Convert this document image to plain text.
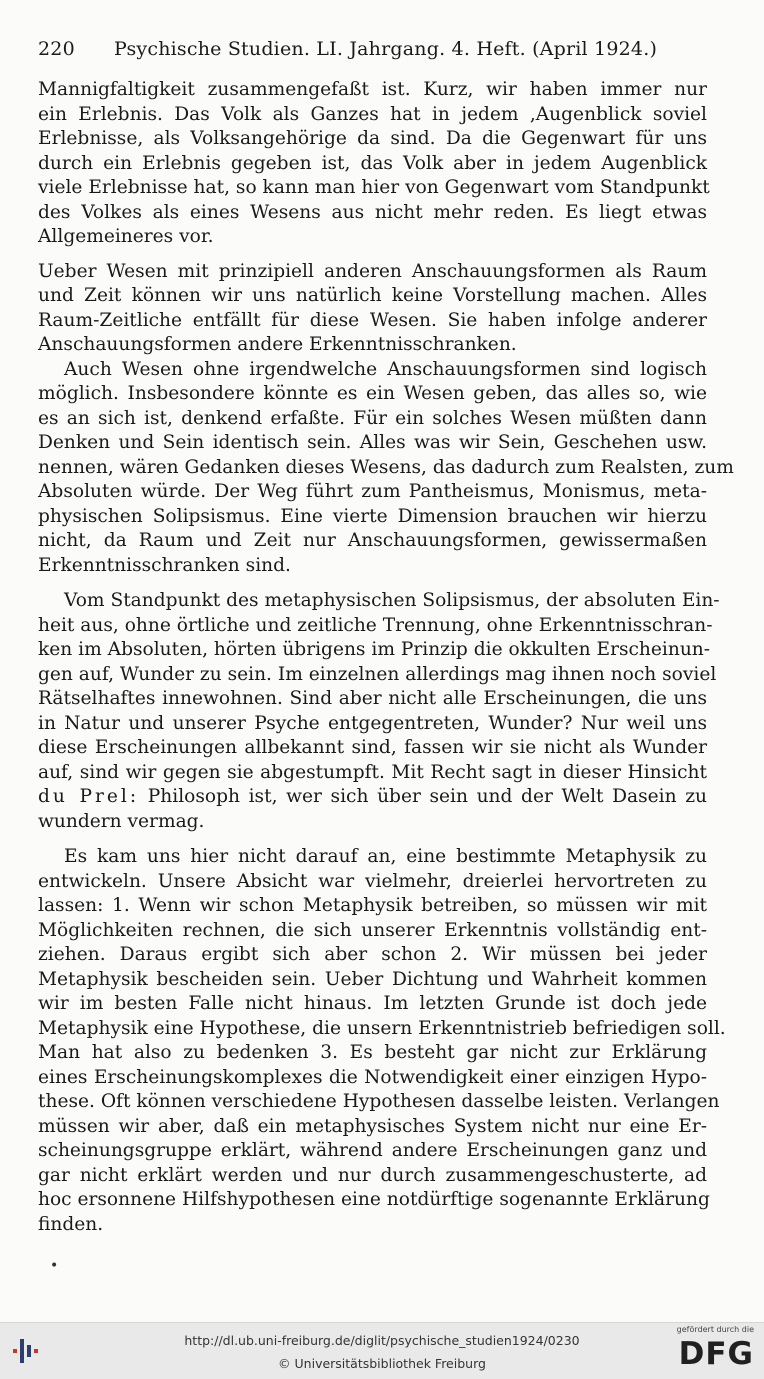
220 Psychische Studien. LI. Jahrgang. 4. Heft. (April 1924.)
Mannigfaltigkeit zusammengefaßt ist. Kurz, wir haben immer nur
ein Erlebnis. Das Volk als Ganzes hat in jedem ,Augenblick soviel
Erlebnisse, als Volksangehörige da sind. Da die Gegenwart für uns
durch ein Erlebnis gegeben ist, das Volk aber in jedem Augenblick
viele Erlebnisse hat, so kann man hier von Gegenwart vom Standpunkt
des Volkes als eines Wesens aus nicht mehr reden. Es liegt etwas
Allgemeineres vor.
Ueber Wesen mit prinzipiell anderen Anschauungsformen als Raum
und Zeit können wir uns natürlich keine Vorstellung machen. Alles
Raum-Zeitliche entfällt für diese Wesen. Sie haben infolge anderer
Anschauungsformen andere Erkenntnisschranken.
Auch Wesen ohne irgendwelche Anschauungsformen sind logisch
möglich. Insbesondere könnte es ein Wesen geben, das alles so, wie
es an sich ist, denkend erfaßte. Für ein solches Wesen müßten dann
Denken und Sein identisch sein. Alles was wir Sein, Geschehen usw.
nennen, wären Gedanken dieses Wesens, das dadurch zum Realsten, zum
Absoluten würde. Der Weg führt zum Pantheismus, Monismus, meta-
physischen Solipsismus. Eine vierte Dimension brauchen wir hierzu
nicht, da Raum und Zeit nur Anschauungsformen, gewissermaßen
Erkenntnisschranken sind.
Vom Standpunkt des metaphysischen Solipsismus, der absoluten Ein-
heit aus, ohne örtliche und zeitliche Trennung, ohne Erkenntnisschran-
ken im Absoluten, hörten übrigens im Prinzip die okkulten Erscheinun-
gen auf, Wunder zu sein. Im einzelnen allerdings mag ihnen noch soviel
Rätselhaftes innewohnen. Sind aber nicht alle Erscheinungen, die uns
in Natur und unserer Psyche entgegentreten, Wunder? Nur weil uns
diese Erscheinungen allbekannt sind, fassen wir sie nicht als Wunder
auf, sind wir gegen sie abgestumpft. Mit Recht sagt in dieser Hinsicht
du Prel: Philosoph ist, wer sich über sein und der Welt Dasein zu
wundern vermag.
Es kam uns hier nicht darauf an, eine bestimmte Metaphysik zu
entwickeln. Unsere Absicht war vielmehr, dreierlei hervortreten zu
lassen: 1. Wenn wir schon Metaphysik betreiben, so müssen wir mit
Möglichkeiten rechnen, die sich unserer Erkenntnis vollständig ent-
ziehen. Daraus ergibt sich aber schon 2. Wir müssen bei jeder
Metaphysik bescheiden sein. Ueber Dichtung und Wahrheit kommen
wir im besten Falle nicht hinaus. Im letzten Grunde ist doch jede
Metaphysik eine Hypothese, die unsern Erkenntnistrieb befriedigen soll.
Man hat also zu bedenken 3. Es besteht gar nicht zur Erklärung
eines Erscheinungskomplexes die Notwendigkeit einer einzigen Hypo-
these. Oft können verschiedene Hypothesen dasselbe leisten. Verlangen
müssen wir aber, daß ein metaphysisches System nicht nur eine Er-
scheinungsgruppe erklärt, während andere Erscheinungen ganz und
gar nicht erklärt werden und nur durch zusammengeschusterte, ad
hoc ersonnene Hilfshypothesen eine notdürftige sogenannte Erklärung
finden.
•
http://dl.ub.uni-freiburg.de/diglit/psychische_studien1924/0230
© Universitätsbibliothek Freiburg
gefördert durch die
DFG
